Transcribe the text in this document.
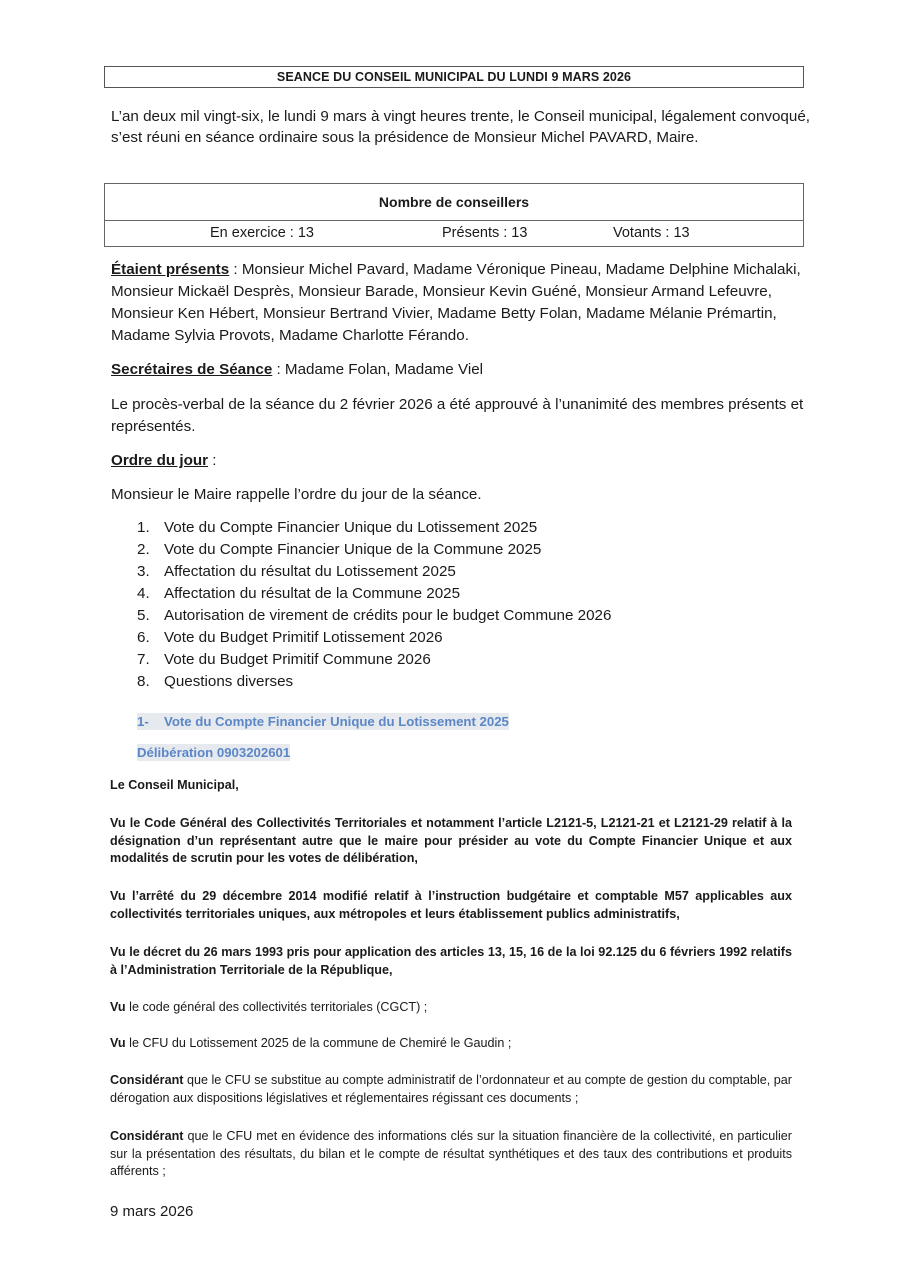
SEANCE DU CONSEIL MUNICIPAL DU LUNDI 9 MARS 2026
L’an deux mil vingt-six, le lundi 9 mars à vingt heures trente, le Conseil municipal, légalement convoqué, s’est réuni en séance ordinaire sous la présidence de Monsieur Michel PAVARD, Maire.
Nombre de conseillers
En exercice : 13	Présents : 13	Votants : 13
Étaient présents : Monsieur Michel Pavard, Madame Véronique Pineau, Madame Delphine Michalaki, Monsieur Mickaël Desprès, Monsieur Barade, Monsieur Kevin Guéné, Monsieur Armand Lefeuvre, Monsieur Ken Hébert, Monsieur Bertrand Vivier, Madame Betty Folan, Madame Mélanie Prémartin, Madame Sylvia Provots, Madame Charlotte Férando.
Secrétaires de Séance : Madame Folan, Madame Viel
Le procès-verbal de la séance du 2 février 2026 a été approuvé à l’unanimité des membres présents et représentés.
Ordre du jour :
Monsieur le Maire rappelle l’ordre du jour de la séance.
1. Vote du Compte Financier Unique du Lotissement 2025
2. Vote du Compte Financier Unique de la Commune 2025
3. Affectation du résultat du Lotissement 2025
4. Affectation du résultat de la Commune 2025
5. Autorisation de virement de crédits pour le budget Commune 2026
6. Vote du Budget Primitif Lotissement 2026
7. Vote du Budget Primitif Commune 2026
8. Questions diverses
1- Vote du Compte Financier Unique du Lotissement 2025
Délibération 0903202601
Le Conseil Municipal,
Vu le Code Général des Collectivités Territoriales et notamment l’article L2121-5, L2121-21 et L2121-29 relatif à la désignation d’un représentant autre que le maire pour présider au vote du Compte Financier Unique et aux modalités de scrutin pour les votes de délibération,
Vu l’arrêté du 29 décembre 2014 modifié relatif à l’instruction budgétaire et comptable M57 applicables aux collectivités territoriales uniques, aux métropoles et leurs établissement publics administratifs,
Vu le décret du 26 mars 1993 pris pour application des articles 13, 15, 16 de la loi 92.125 du 6 févriers 1992 relatifs à l’Administration Territoriale de la République,
Vu le code général des collectivités territoriales (CGCT) ;
Vu le CFU du Lotissement 2025 de la commune de Chemiré le Gaudin ;
Considérant que le CFU se substitue au compte administratif de l’ordonnateur et au compte de gestion du comptable, par dérogation aux dispositions législatives et réglementaires régissant ces documents ;
Considérant que le CFU met en évidence des informations clés sur la situation financière de la collectivité, en particulier sur la présentation des résultats, du bilan et le compte de résultat synthétiques et des taux des contributions et produits afférents ;
9 mars 2026
